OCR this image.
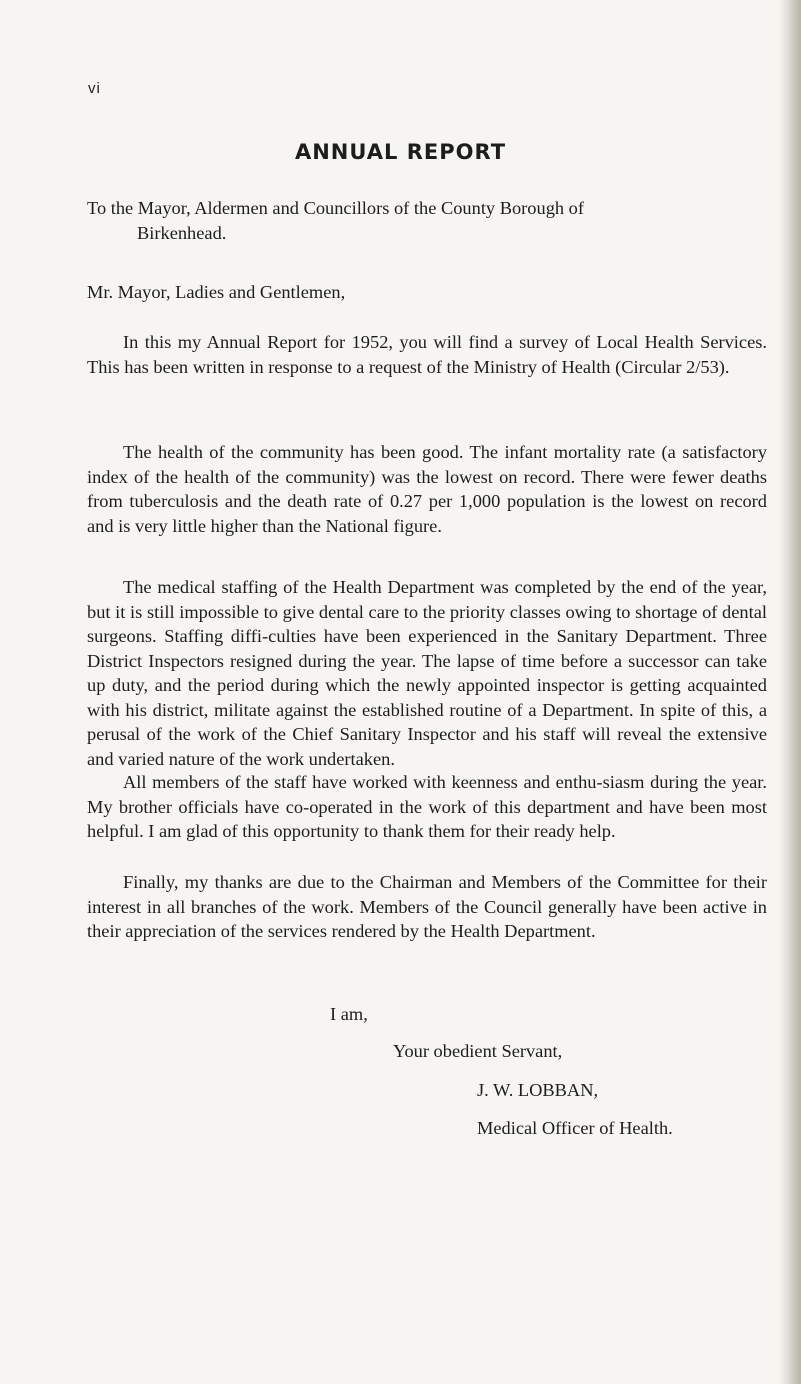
vi
ANNUAL REPORT
To the Mayor, Aldermen and Councillors of the County Borough of
Birkenhead.
Mr. Mayor, Ladies and Gentlemen,
In this my Annual Report for 1952, you will find a survey of Local Health Services. This has been written in response to a request of the Ministry of Health (Circular 2/53).
The health of the community has been good. The infant mortality rate (a satisfactory index of the health of the community) was the lowest on record. There were fewer deaths from tuberculosis and the death rate of 0.27 per 1,000 population is the lowest on record and is very little higher than the National figure.
The medical staffing of the Health Department was completed by the end of the year, but it is still impossible to give dental care to the priority classes owing to shortage of dental surgeons. Staffing diffi-culties have been experienced in the Sanitary Department. Three District Inspectors resigned during the year. The lapse of time before a successor can take up duty, and the period during which the newly appointed inspector is getting acquainted with his district, militate against the established routine of a Department. In spite of this, a perusal of the work of the Chief Sanitary Inspector and his staff will reveal the extensive and varied nature of the work undertaken.
All members of the staff have worked with keenness and enthu-siasm during the year. My brother officials have co-operated in the work of this department and have been most helpful. I am glad of this opportunity to thank them for their ready help.
Finally, my thanks are due to the Chairman and Members of the Committee for their interest in all branches of the work. Members of the Council generally have been active in their appreciation of the services rendered by the Health Department.
I am,
Your obedient Servant,
J. W. LOBBAN,
Medical Officer of Health.
